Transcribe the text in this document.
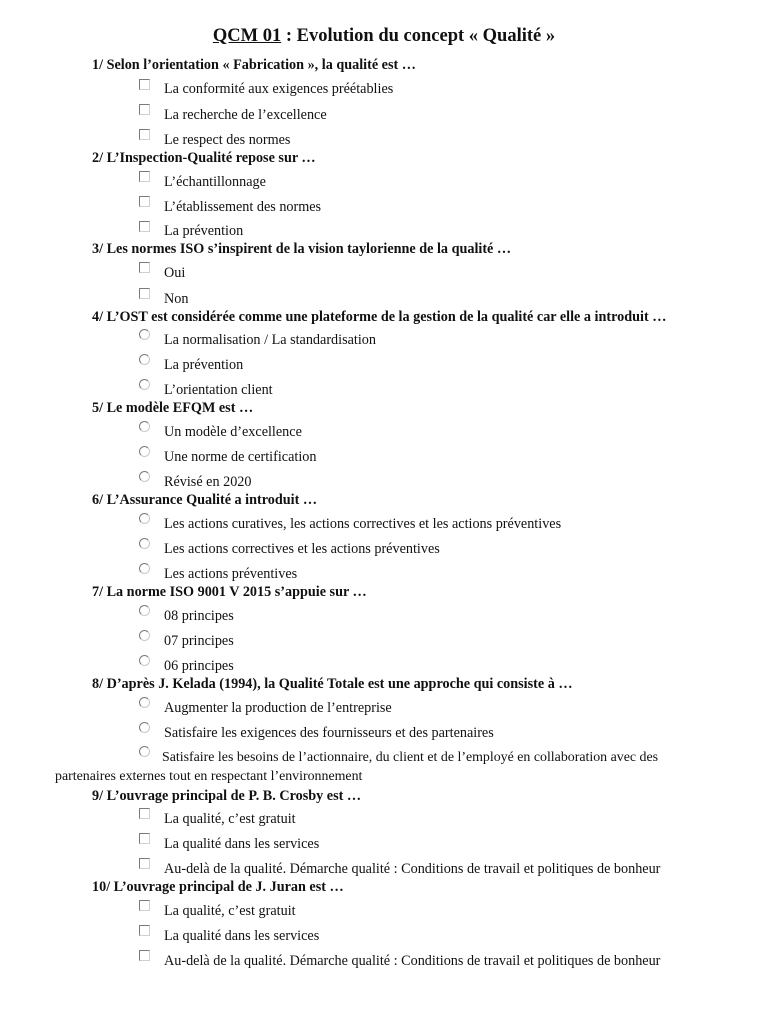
QCM 01 : Evolution du concept « Qualité »
1/ Selon l’orientation « Fabrication », la qualité est …
La conformité aux exigences préétablies
La recherche de l’excellence
Le respect des normes
2/ L’Inspection-Qualité repose sur …
L’échantillonnage
L’établissement des normes
La prévention
3/ Les normes ISO s’inspirent de la vision taylorienne de la qualité …
Oui
Non
4/ L’OST est considérée comme une plateforme de la gestion de la qualité car elle a introduit …
La normalisation / La standardisation
La prévention
L’orientation client
5/ Le modèle EFQM est …
Un modèle d’excellence
Une norme de certification
Révisé en 2020
6/ L’Assurance Qualité a introduit …
Les actions curatives, les actions correctives et les actions préventives
Les actions correctives et les actions préventives
Les actions préventives
7/ La norme ISO 9001 V 2015 s’appuie sur …
08 principes
07 principes
06 principes
8/ D’après J. Kelada (1994), la Qualité Totale est une approche qui consiste à …
Augmenter la production de l’entreprise
Satisfaire les exigences des fournisseurs et des partenaires
Satisfaire les besoins de l’actionnaire, du client et de l’employé en collaboration avec des
partenaires externes tout en respectant l’environnement
9/ L’ouvrage principal de P. B. Crosby est …
La qualité, c’est gratuit
La qualité dans les services
Au-delà de la qualité. Démarche qualité : Conditions de travail et politiques de bonheur
10/ L’ouvrage principal de J. Juran est …
La qualité, c’est gratuit
La qualité dans les services
Au-delà de la qualité. Démarche qualité : Conditions de travail et politiques de bonheur
